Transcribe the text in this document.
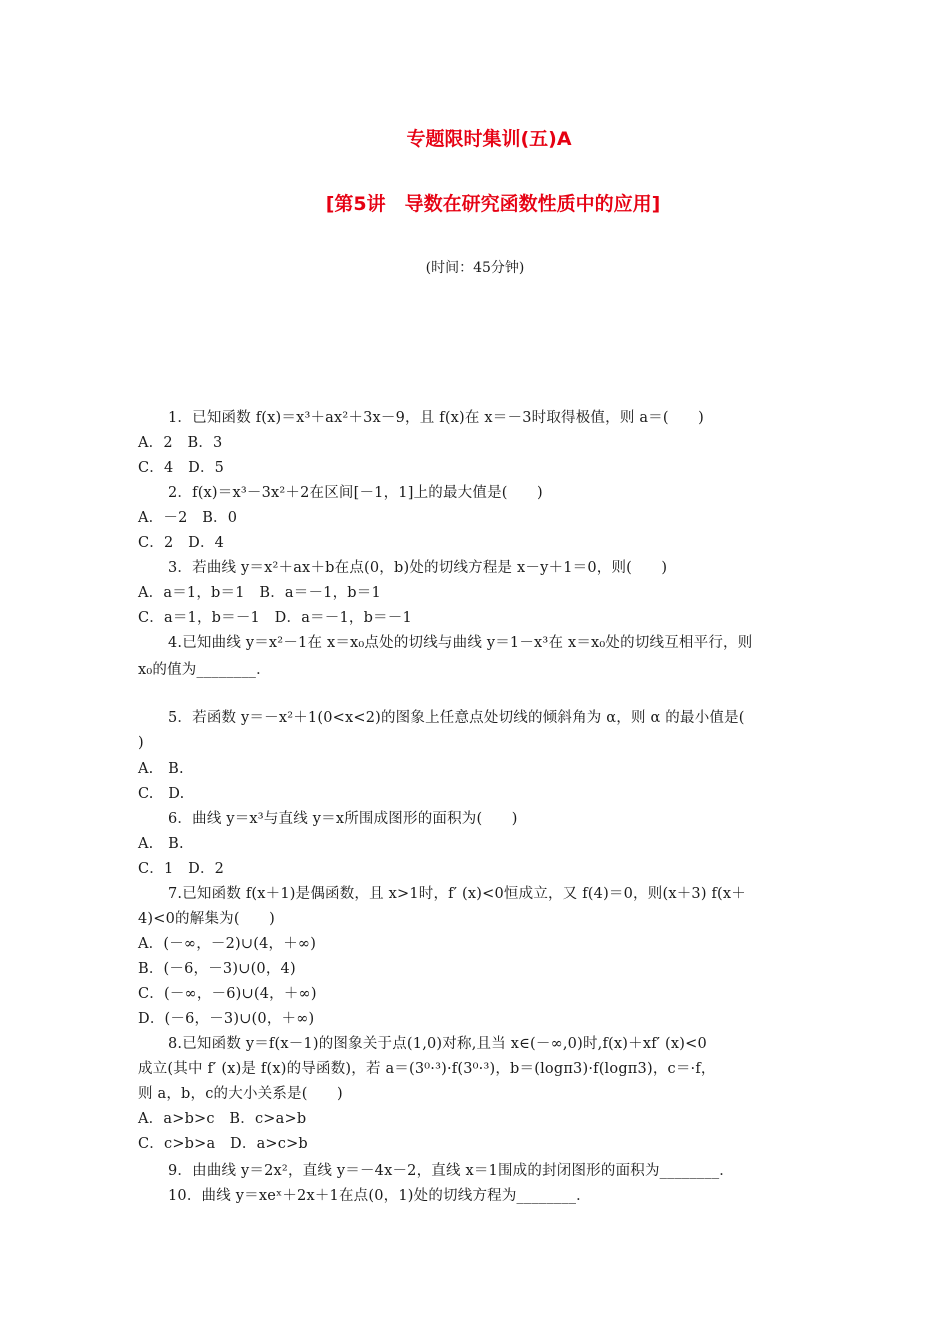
专题限时集训(五)A
[第5讲　导数在研究函数性质中的应用]
(时间：45分钟)
1．已知函数 f(x)＝x³＋ax²＋3x－9，且 f(x)在 x＝－3时取得极值，则 a＝(　　)
A．2　B．3
C．4　D．5
2．f(x)＝x³－3x²＋2在区间[－1，1]上的最大值是(　　)
A．－2　B．0
C．2　D．4
3．若曲线 y＝x²＋ax＋b在点(0，b)处的切线方程是 x－y＋1＝0，则(　　)
A．a＝1，b＝1　B．a＝－1，b＝1
C．a＝1，b＝－1　D．a＝－1，b＝－1
4.已知曲线 y＝x²－1在 x＝x₀点处的切线与曲线 y＝1－x³在 x＝x₀处的切线互相平行，则
x₀的值为________．
5．若函数 y＝－x²＋1(0<x<2)的图象上任意点处切线的倾斜角为 α，则 α 的最小值是(
)
A.　B.
C.　D.
6．曲线 y＝x³与直线 y＝x所围成图形的面积为(　　)
A.　B.
C．1　D．2
7.已知函数 f(x＋1)是偶函数，且 x>1时，f′ (x)<0恒成立，又 f(4)＝0，则(x＋3) f(x＋
4)<0的解集为(　　)
A．(－∞，－2)∪(4，＋∞)
B．(－6，－3)∪(0，4)
C．(－∞，－6)∪(4，＋∞)
D．(－6，－3)∪(0，＋∞)
8.已知函数 y＝f(x－1)的图象关于点(1,0)对称,且当 x∈(－∞,0)时,f(x)＋xf′ (x)<0
成立(其中 f′ (x)是 f(x)的导函数)，若 a＝(3⁰·³)·f(3⁰·³)，b＝(logπ3)·f(logπ3)，c＝·f，
则 a，b，c的大小关系是(　　)
A．a>b>c　B．c>a>b
C．c>b>a　D．a>c>b
9．由曲线 y＝2x²，直线 y＝－4x－2，直线 x＝1围成的封闭图形的面积为________．
10．曲线 y＝xeˣ＋2x＋1在点(0，1)处的切线方程为________．
